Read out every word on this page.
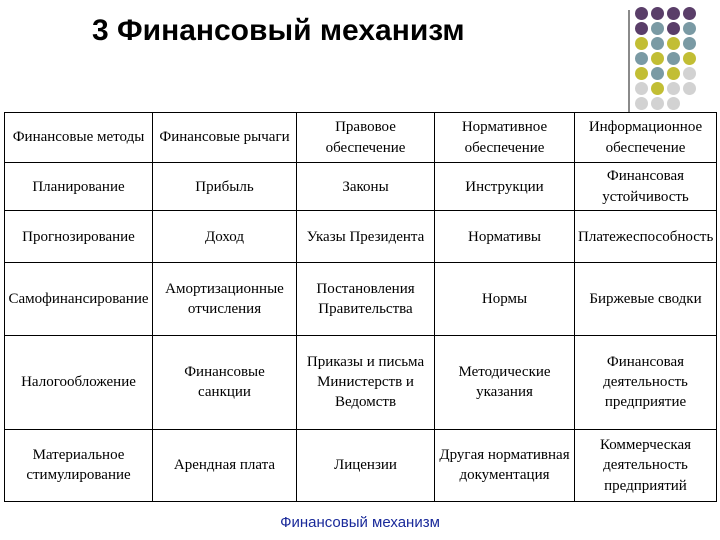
3 Финансовый механизм
Финансовые методы	Финансовые рычаги	Правовое обеспечение	Нормативное обеспечение	Информационное обеспечение
Планирование	Прибыль	Законы	Инструкции	Финансовая устойчивость
Прогнозирование	Доход	Указы Президента	Нормативы	Платежеспособность
Самофинансирование	Амортизационные отчисления	Постановления Правительства	Нормы	Биржевые сводки
Налогообложение	Финансовые санкции	Приказы и письма Министерств и Ведомств	Методические указания	Финансовая деятельность предприятие
Материальное стимулирование	Арендная плата	Лицензии	Другая нормативная документация	Коммерческая деятельность предприятий
Финансовый механизм
